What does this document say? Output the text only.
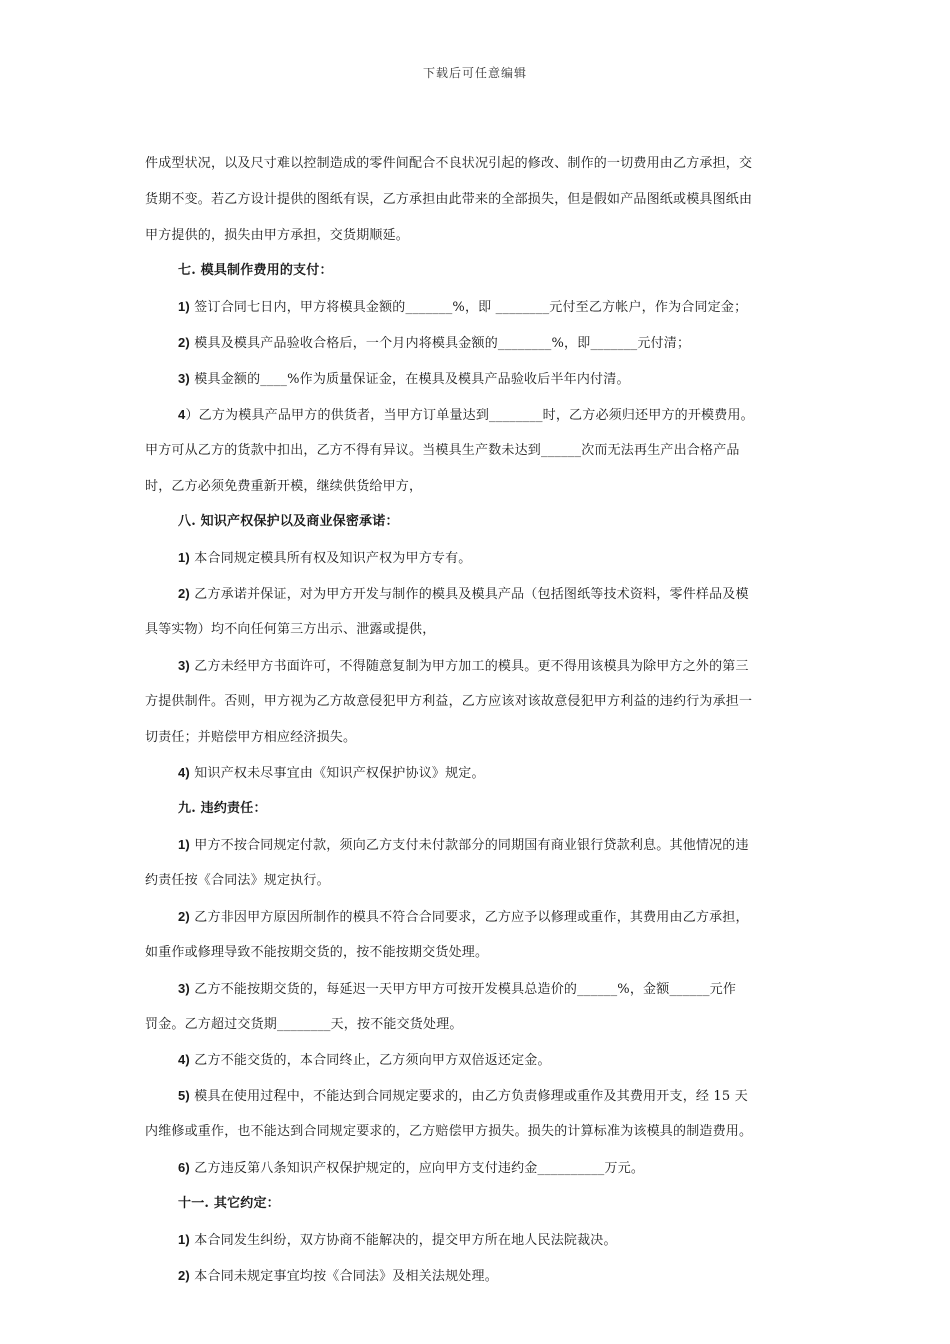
下载后可任意编辑
件成型状况，以及尺寸难以控制造成的零件间配合不良状况引起的修改、制作的一切费用由乙方承担，交
货期不变。若乙方设计提供的图纸有误，乙方承担由此带来的全部损失，但是假如产品图纸或模具图纸由
甲方提供的，损失由甲方承担，交货期顺延。
七. 模具制作费用的支付：
1) 签订合同七日内，甲方将模具金额的_______%，即 ________元付至乙方帐户，作为合同定金；
2) 模具及模具产品验收合格后，一个月内将模具金额的________%，即_______元付清；
3) 模具金额的____%作为质量保证金，在模具及模具产品验收后半年内付清。
4）乙方为模具产品甲方的供货者，当甲方订单量达到________时，乙方必须归还甲方的开模费用。
甲方可从乙方的货款中扣出，乙方不得有异议。当模具生产数未达到______次而无法再生产出合格产品
时，乙方必须免费重新开模，继续供货给甲方，
八. 知识产权保护以及商业保密承诺：
1) 本合同规定模具所有权及知识产权为甲方专有。
2) 乙方承诺并保证，对为甲方开发与制作的模具及模具产品（包括图纸等技术资料，零件样品及模
具等实物）均不向任何第三方出示、泄露或提供，
3) 乙方未经甲方书面许可，不得随意复制为甲方加工的模具。更不得用该模具为除甲方之外的第三
方提供制件。否则，甲方视为乙方故意侵犯甲方利益，乙方应该对该故意侵犯甲方利益的违约行为承担一
切责任；并赔偿甲方相应经济损失。
4) 知识产权未尽事宜由《知识产权保护协议》规定。
九. 违约责任：
1) 甲方不按合同规定付款，须向乙方支付未付款部分的同期国有商业银行贷款利息。其他情况的违
约责任按《合同法》规定执行。
2) 乙方非因甲方原因所制作的模具不符合合同要求，乙方应予以修理或重作，其费用由乙方承担，
如重作或修理导致不能按期交货的，按不能按期交货处理。
3) 乙方不能按期交货的，每延迟一天甲方甲方可按开发模具总造价的______%，金额______元作
罚金。乙方超过交货期________天，按不能交货处理。
4) 乙方不能交货的，本合同终止，乙方须向甲方双倍返还定金。
5) 模具在使用过程中，不能达到合同规定要求的，由乙方负责修理或重作及其费用开支，经 15 天
内维修或重作，也不能达到合同规定要求的，乙方赔偿甲方损失。损失的计算标准为该模具的制造费用。
6) 乙方违反第八条知识产权保护规定的，应向甲方支付违约金__________万元。
十一. 其它约定：
1) 本合同发生纠纷，双方协商不能解决的，提交甲方所在地人民法院裁决。
2) 本合同未规定事宜均按《合同法》及相关法规处理。
